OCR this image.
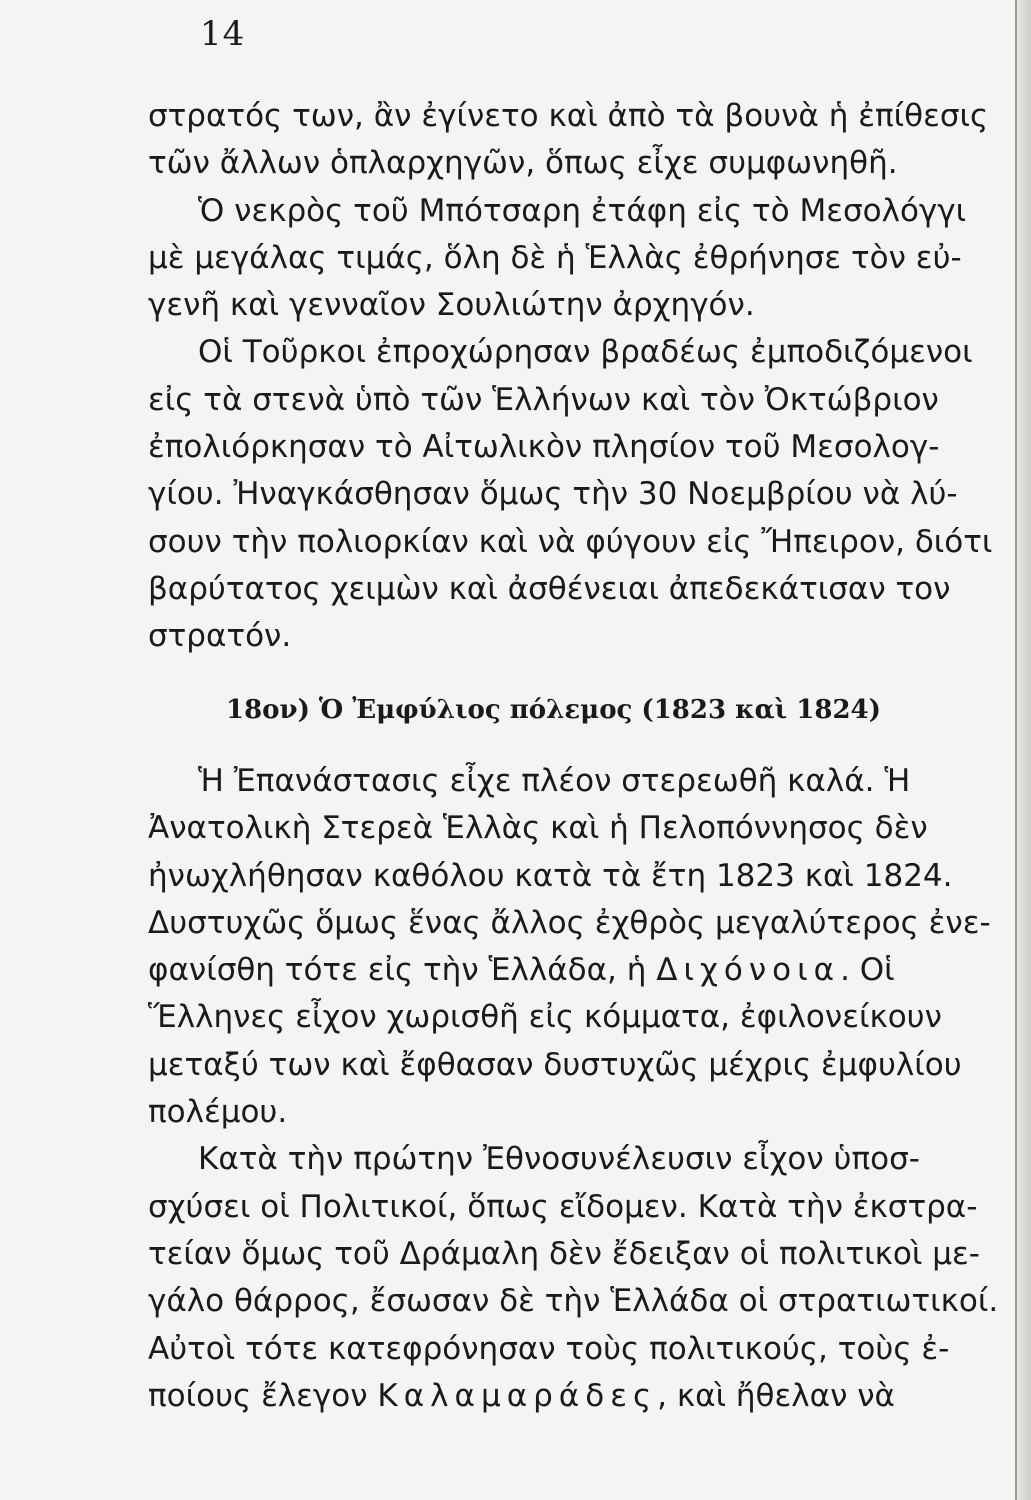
14

στρατός των, ἂν ἐγίνετο καὶ ἀπὸ τὰ βουνὰ ἡ ἐπίθεσις
τῶν ἄλλων ὁπλαρχηγῶν, ὅπως εἶχε συμφωνηθῆ.

Ὁ νεκρὸς τοῦ Μπότσαρη ἐτάφη εἰς τὸ Μεσολόγγι
μὲ μεγάλας τιμάς, ὅλη δὲ ἡ Ἑλλὰς ἐθρήνησε τὸν εὐ-
γενῆ καὶ γενναῖον Σουλιώτην ἀρχηγόν.

Οἱ Τοῦρκοι ἐπροχώρησαν βραδέως ἐμποδιζόμενοι
εἰς τὰ στενὰ ὑπὸ τῶν Ἑλλήνων καὶ τὸν Ὀκτώβριον
ἐπολιόρκησαν τὸ Αἰτωλικὸν πλησίον τοῦ Μεσολογ-
γίου. Ἠναγκάσθησαν ὅμως τὴν 30 Νοεμβρίου νὰ λύ-
σουν τὴν πολιορκίαν καὶ νὰ φύγουν εἰς Ἤπειρον, διότι
βαρύτατος χειμὼν καὶ ἀσθένειαι ἀπεδεκάτισαν τον
στρατόν.

18ον) Ὁ Ἐμφύλιος πόλεμος (1823 καὶ 1824)

Ἡ Ἐπανάστασις εἶχε πλέον στερεωθῆ καλά. Ἡ
Ἀνατολικὴ Στερεὰ Ἑλλὰς καὶ ἡ Πελοπόννησος δὲν
ἠνωχλήθησαν καθόλου κατὰ τὰ ἔτη 1823 καὶ 1824.
Δυστυχῶς ὅμως ἕνας ἄλλος ἐχθρὸς μεγαλύτερος ἐνε-
φανίσθη τότε εἰς τὴν Ἑλλάδα, ἡ Διχόνοια. Οἱ
Ἕλληνες εἶχον χωρισθῆ εἰς κόμματα, ἐφιλονείκουν
μεταξύ των καὶ ἔφθασαν δυστυχῶς μέχρις ἐμφυλίου
πολέμου.

Κατὰ τὴν πρώτην Ἐθνοσυνέλευσιν εἶχον ὑποσ-
σχύσει οἱ Πολιτικοί, ὅπως εἴδομεν. Κατὰ τὴν ἐκστρα-
τείαν ὅμως τοῦ Δράμαλη δὲν ἔδειξαν οἱ πολιτικοὶ με-
γάλο θάρρος, ἔσωσαν δὲ τὴν Ἑλλάδα οἱ στρατιωτικοί.
Αὐτοὶ τότε κατεφρόνησαν τοὺς πολιτικούς, τοὺς ἐ-
ποίους ἔλεγον Καλαμαράδες, καὶ ἤθελαν νὰ
